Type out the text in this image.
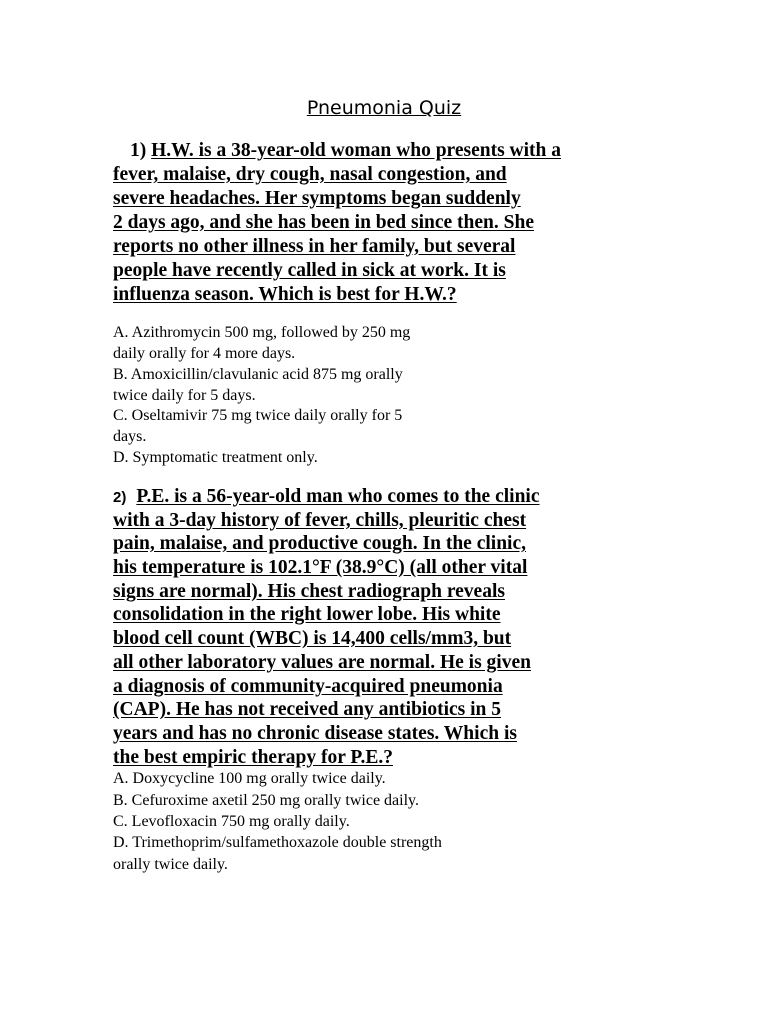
Pneumonia Quiz
1) H.W. is a 38-year-old woman who presents with a
fever, malaise, dry cough, nasal congestion, and
severe headaches. Her symptoms began suddenly
2 days ago, and she has been in bed since then. She
reports no other illness in her family, but several
people have recently called in sick at work. It is
influenza season. Which is best for H.W.?
A. Azithromycin 500 mg, followed by 250 mg
daily orally for 4 more days.
B. Amoxicillin/clavulanic acid 875 mg orally
twice daily for 5 days.
C. Oseltamivir 75 mg twice daily orally for 5
days.
D. Symptomatic treatment only.
2) P.E. is a 56-year-old man who comes to the clinic
with a 3-day history of fever, chills, pleuritic chest
pain, malaise, and productive cough. In the clinic,
his temperature is 102.1°F (38.9°C) (all other vital
signs are normal). His chest radiograph reveals
consolidation in the right lower lobe. His white
blood cell count (WBC) is 14,400 cells/mm3, but
all other laboratory values are normal. He is given
a diagnosis of community-acquired pneumonia
(CAP). He has not received any antibiotics in 5
years and has no chronic disease states. Which is
the best empiric therapy for P.E.?
A. Doxycycline 100 mg orally twice daily.
B. Cefuroxime axetil 250 mg orally twice daily.
C. Levofloxacin 750 mg orally daily.
D. Trimethoprim/sulfamethoxazole double strength
orally twice daily.
